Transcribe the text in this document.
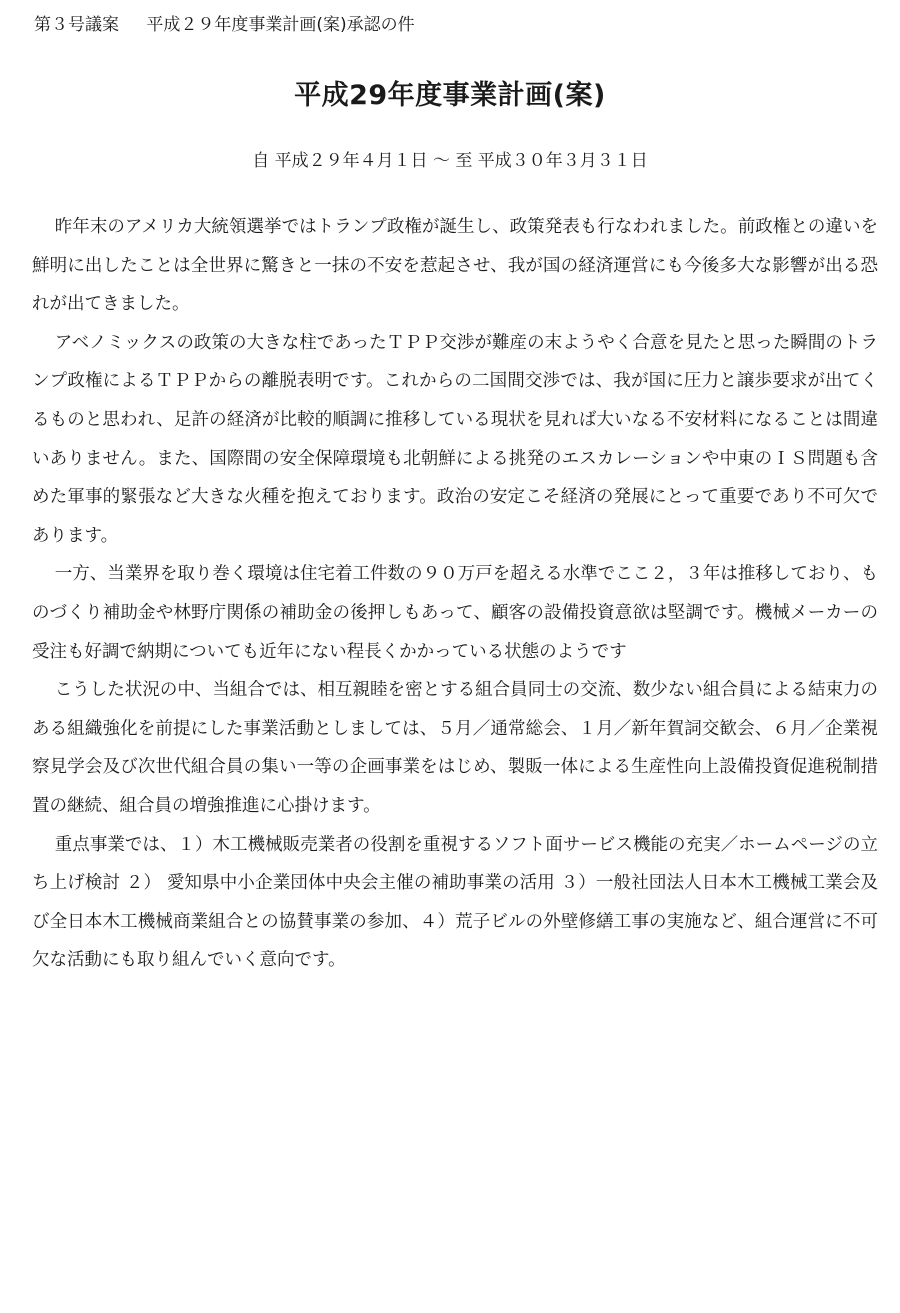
第３号議案 平成２９年度事業計画(案)承認の件
平成29年度事業計画(案)
自 平成２９年４月１日 〜 至 平成３０年３月３１日

昨年末のアメリカ大統領選挙ではトランプ政権が誕生し、政策発表も行なわれました。前政権との違いを鮮明に出したことは全世界に驚きと一抹の不安を惹起させ、我が国の経済運営にも今後多大な影響が出る恐れが出てきました。

アベノミックスの政策の大きな柱であったＴＰＰ交渉が難産の末ようやく合意を見たと思った瞬間のトランプ政権によるＴＰＰからの離脱表明です。これからの二国間交渉では、我が国に圧力と譲歩要求が出てくるものと思われ、足許の経済が比較的順調に推移している現状を見れば大いなる不安材料になることは間違いありません。また、国際間の安全保障環境も北朝鮮による挑発のエスカレーションや中東のＩＳ問題も含めた軍事的緊張など大きな火種を抱えております。政治の安定こそ経済の発展にとって重要であり不可欠であります。

一方、当業界を取り巻く環境は住宅着工件数の９０万戸を超える水準でここ２，３年は推移しており、ものづくり補助金や林野庁関係の補助金の後押しもあって、顧客の設備投資意欲は堅調です。機械メーカーの受注も好調で納期についても近年にない程長くかかっている状態のようです

こうした状況の中、当組合では、相互親睦を密とする組合員同士の交流、数少ない組合員による結束力のある組織強化を前提にした事業活動としましては、５月／通常総会、１月／新年賀詞交歓会、６月／企業視察見学会及び次世代組合員の集い一等の企画事業をはじめ、製販一体による生産性向上設備投資促進税制措置の継続、組合員の増強推進に心掛けます。

重点事業では、１）木工機械販売業者の役割を重視するソフト面サービス機能の充実／ホームページの立ち上げ検討 ２） 愛知県中小企業団体中央会主催の補助事業の活用 ３）一般社団法人日本木工機械工業会及び全日本木工機械商業組合との協賛事業の参加、４）荒子ビルの外壁修繕工事の実施など、組合運営に不可欠な活動にも取り組んでいく意向です。
